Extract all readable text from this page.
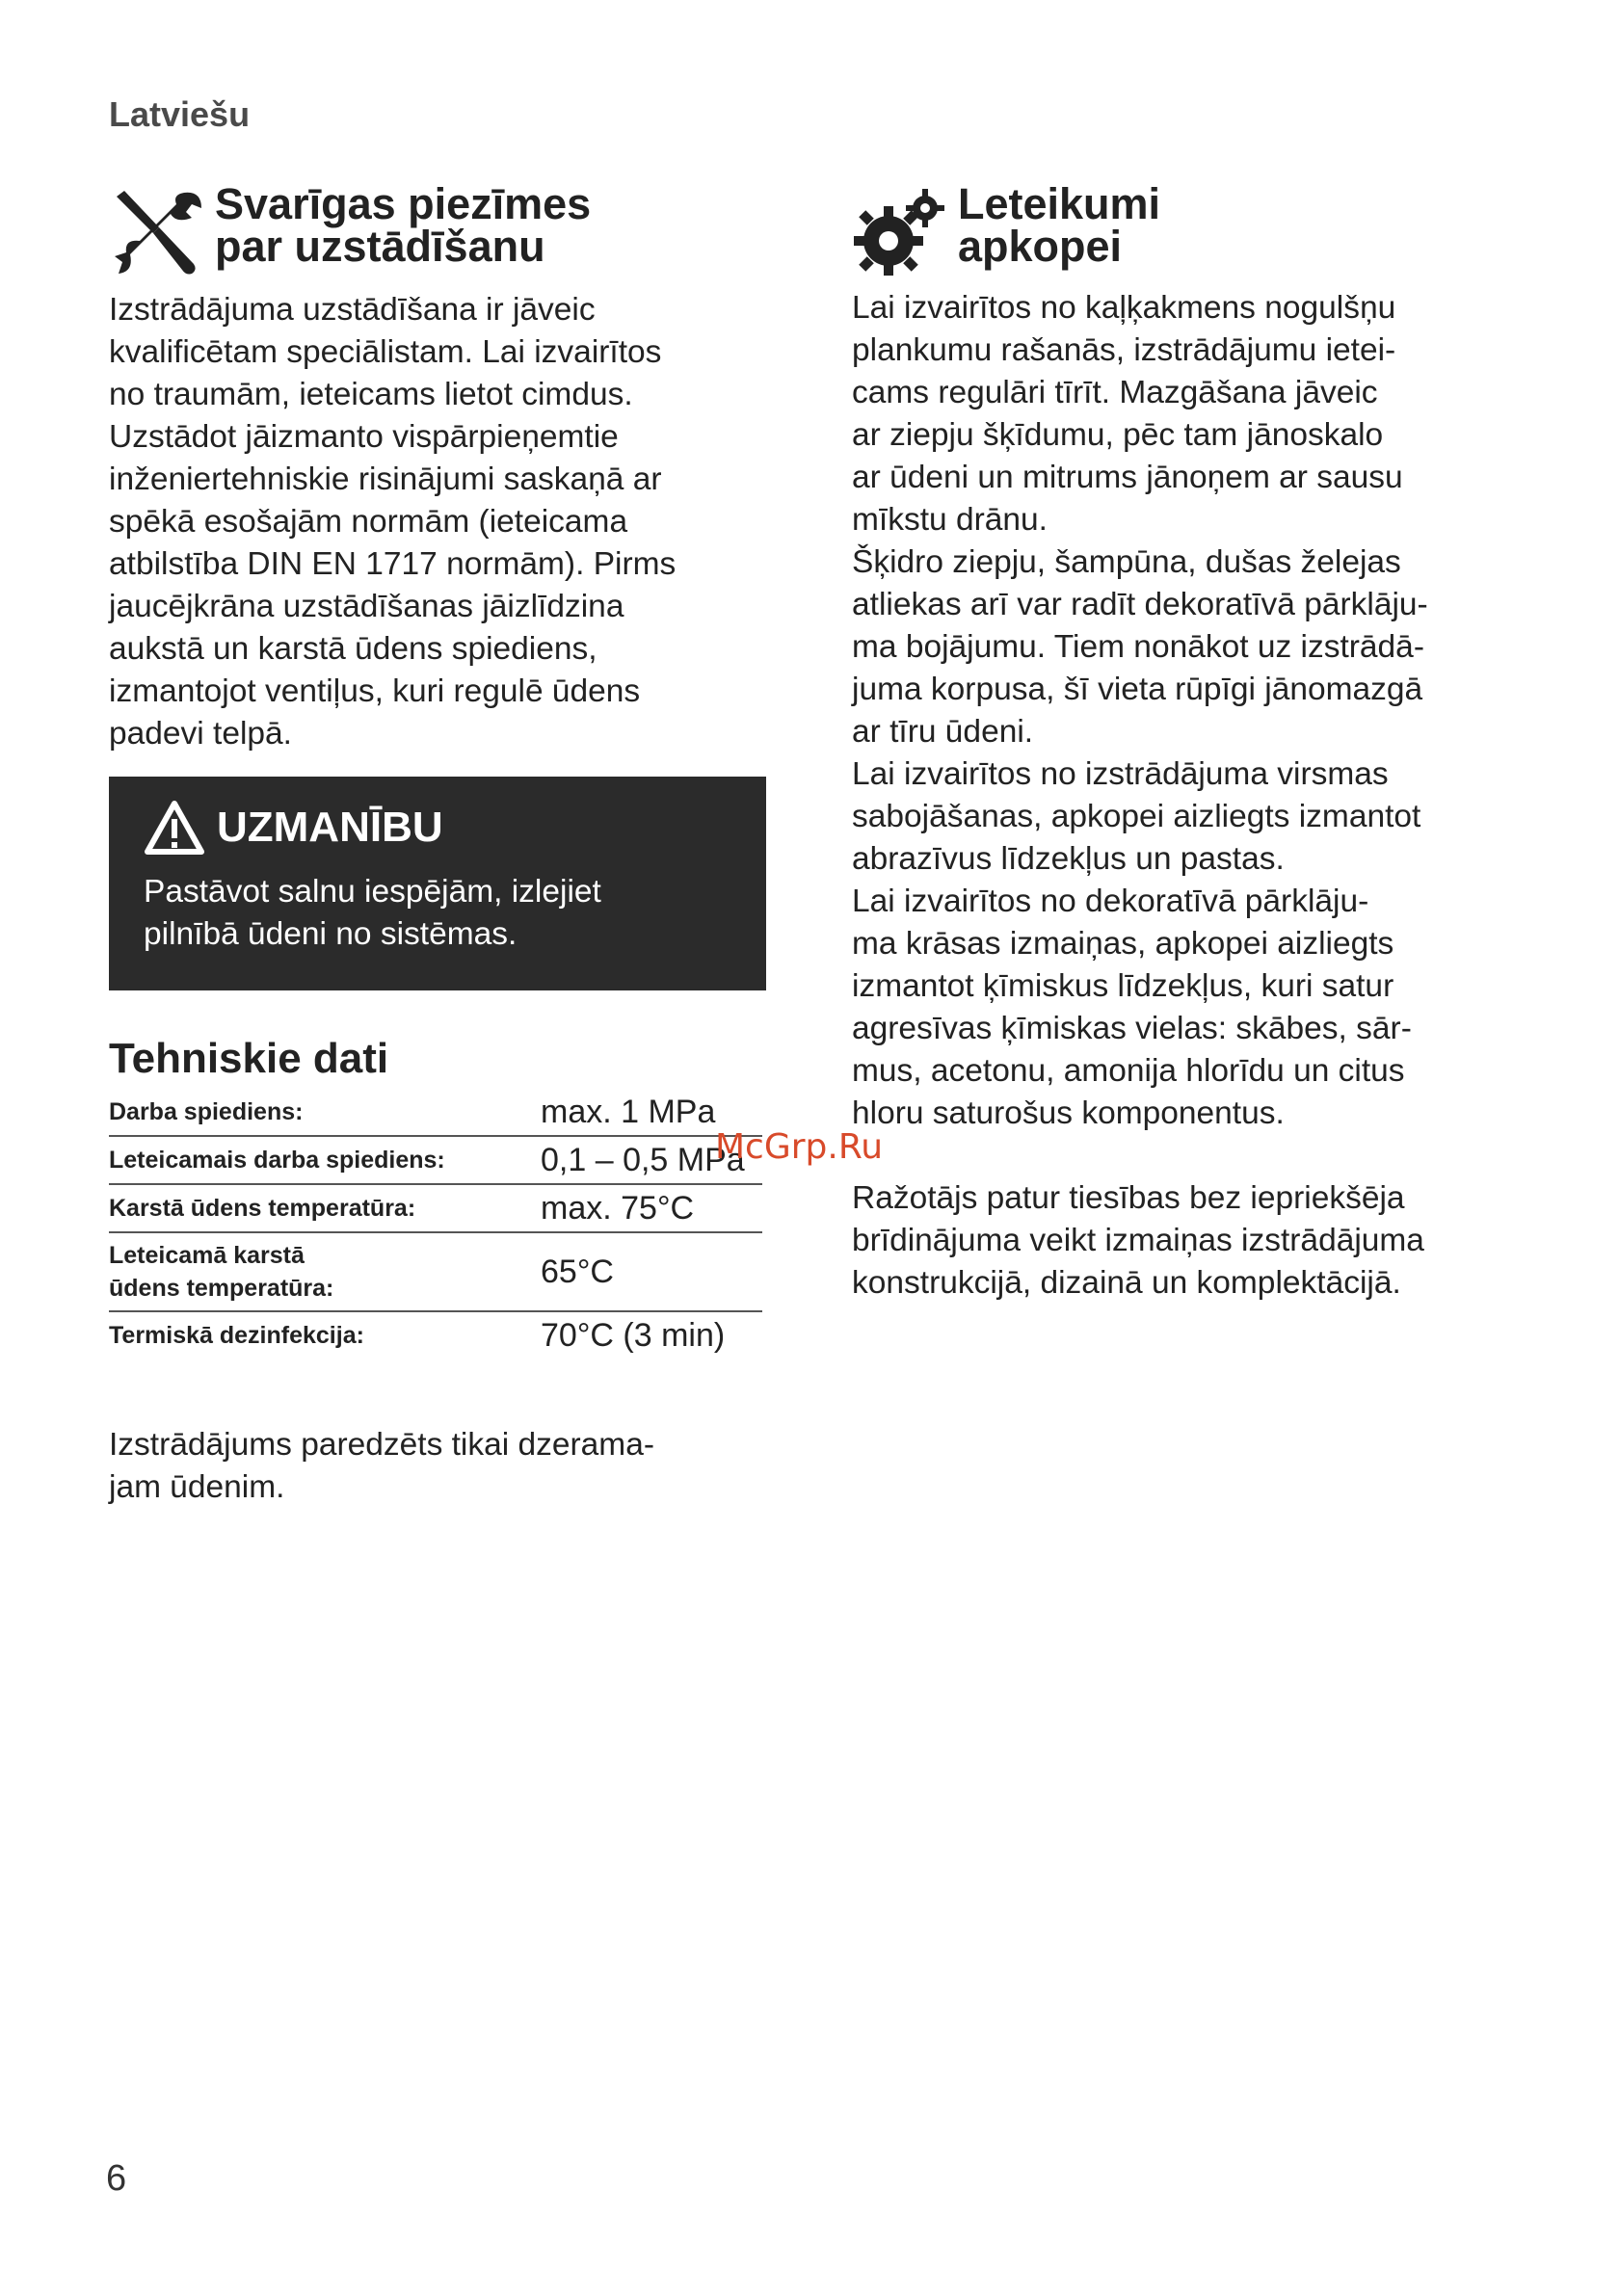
Latviešu
Svarīgas piezīmes
par uzstādīšanu
Izstrādājuma uzstādīšana ir jāveic
kvalificētam speciālistam. Lai izvairītos
no traumām, ieteicams lietot cimdus.
Uzstādot jāizmanto vispārpieņemtie
inženiertehniskie risinājumi saskaņā ar
spēkā esošajām normām (ieteicama
atbilstība DIN EN 1717 normām). Pirms
jaucējkrāna uzstādīšanas jāizlīdzina
aukstā un karstā ūdens spiediens,
izmantojot ventiļus, kuri regulē ūdens
padevi telpā.
UZMANĪBU
Pastāvot salnu iespējām, izlejiet
pilnībā ūdeni no sistēmas.
Tehniskie dati
Darba spiediens:	max. 1 MPa
Leteicamais darba spiediens:	0,1 – 0,5 MPa
Karstā ūdens temperatūra:	max. 75°C

Leteicamā karstā
ūdens temperatūra:	65°C
Termiskā dezinfekcija:	70°C (3 min)
Izstrādājums paredzēts tikai dzerama-
jam ūdenim.
Leteikumi
apkopei

Lai izvairītos no kaļķakmens nogulšņu
plankumu rašanās, izstrādājumu ietei-
cams regulāri tīrīt. Mazgāšana jāveic
ar ziepju šķīdumu, pēc tam jānoskalo
ar ūdeni un mitrums jānoņem ar sausu
mīkstu drānu.

Šķidro ziepju, šampūna, dušas želejas
atliekas arī var radīt dekoratīvā pārklāju-
ma bojājumu. Tiem nonākot uz izstrādā-
juma korpusa, šī vieta rūpīgi jānomazgā
ar tīru ūdeni.

Lai izvairītos no izstrādājuma virsmas
sabojāšanas, apkopei aizliegts izmantot
abrazīvus līdzekļus un pastas.

Lai izvairītos no dekoratīvā pārklāju-
ma krāsas izmaiņas, apkopei aizliegts
izmantot ķīmiskus līdzekļus, kuri satur
agresīvas ķīmiskas vielas: skābes, sār-
mus, acetonu, amonija hlorīdu un citus
hloru saturošus komponentus.

Ražotājs patur tiesības bez iepriekšēja
brīdinājuma veikt izmaiņas izstrādājuma
konstrukcijā, dizainā un komplektācijā.

McGrp.Ru
6
